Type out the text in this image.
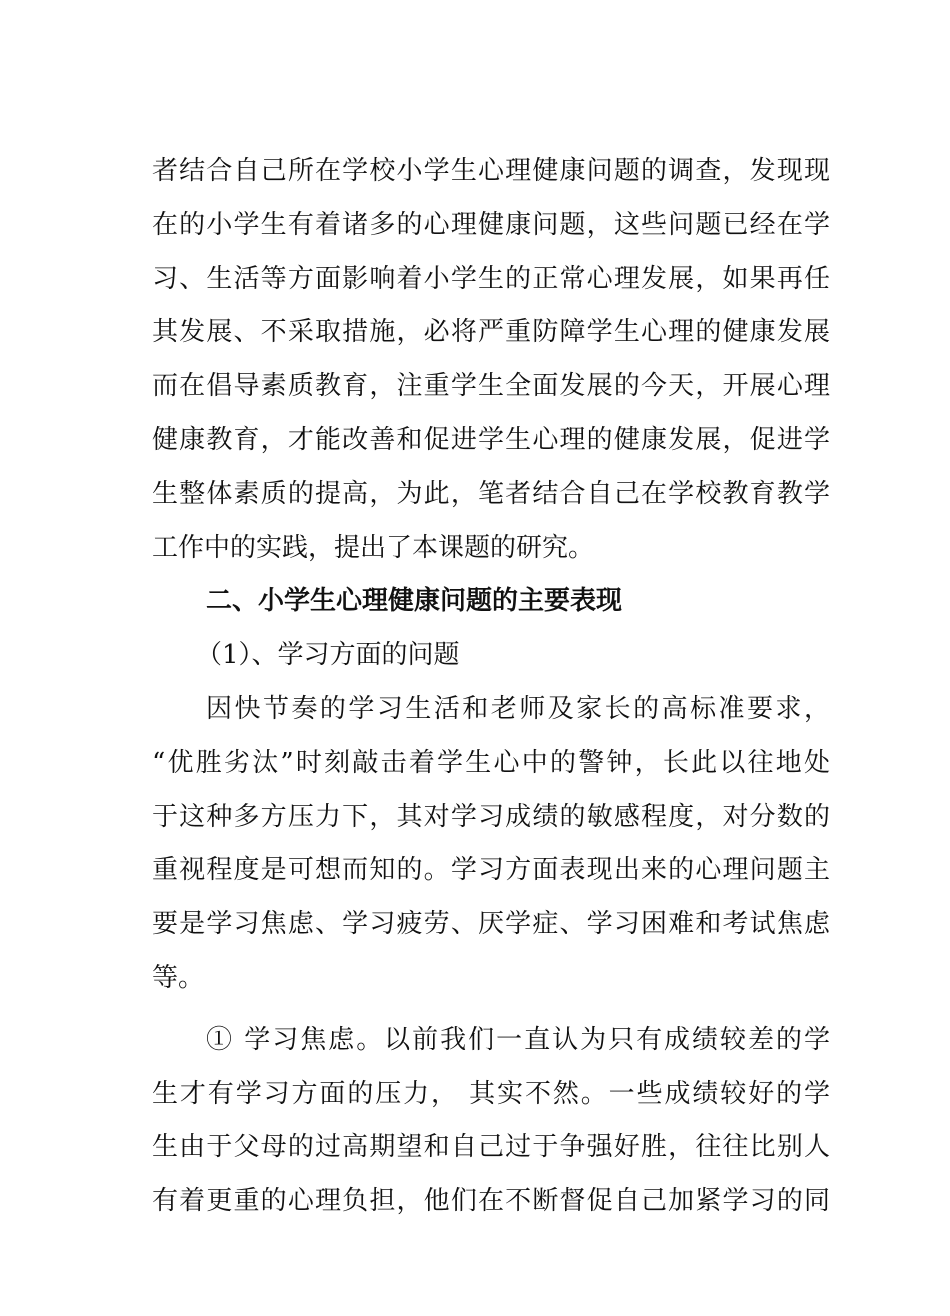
者结合自己所在学校小学生心理健康问题的调查，发现现
在的小学生有着诸多的心理健康问题，这些问题已经在学
习、生活等方面影响着小学生的正常心理发展，如果再任
其发展、不采取措施，必将严重防障学生心理的健康发展
而在倡导素质教育，注重学生全面发展的今天，开展心理
健康教育，才能改善和促进学生心理的健康发展，促进学
生整体素质的提高，为此，笔者结合自己在学校教育教学
工作中的实践，提出了本课题的研究。
二、小学生心理健康问题的主要表现
（1）、学习方面的问题
因快节奏的学习生活和老师及家长的高标准要求，
“优胜劣汰”时刻敲击着学生心中的警钟，长此以往地处
于这种多方压力下，其对学习成绩的敏感程度，对分数的
重视程度是可想而知的。学习方面表现出来的心理问题主
要是学习焦虑、学习疲劳、厌学症、学习困难和考试焦虑
等。
① 学习焦虑。以前我们一直认为只有成绩较差的学
生才有学习方面的压力， 其实不然。一些成绩较好的学
生由于父母的过高期望和自己过于争强好胜，往往比别人
有着更重的心理负担，他们在不断督促自己加紧学习的同
